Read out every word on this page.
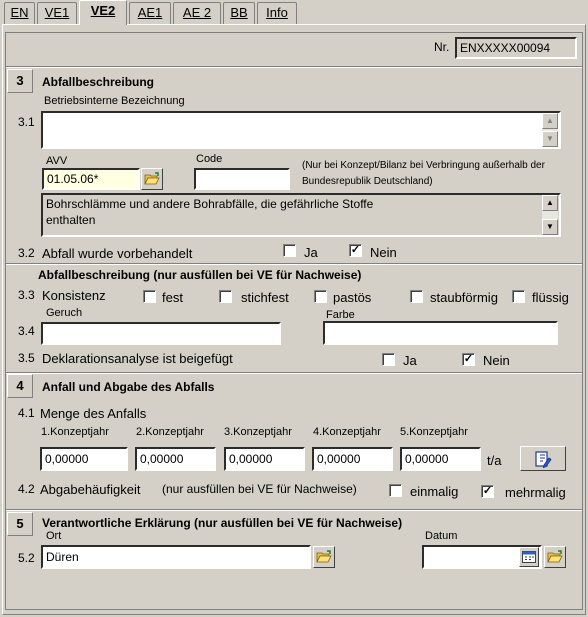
EN	VE1	VE2	AE1	AE 2	BB	Info
Nr. ENXXXXX00094
3	Abfallbeschreibung
Betriebsinterne Bezeichnung
3.1	▲
▼
AVV
01.05.06*
Code
(Nur bei Konzept/Bilanz bei Verbringung außerhalb der
Bundesrepublik Deutschland)
Bohrschlämme und andere Bohrabfälle, die gefährliche Stoffe
enthalten
▲
▼
3.2 Abfall wurde vorbehandelt	Ja	✓ Nein
Abfallbeschreibung (nur ausfüllen bei VE für Nachweise)
3.3 Konsistenz	fest	stichfest	pastös	staubförmig	flüssig
Geruch	Farbe
3.4
3.5 Deklarationsanalyse ist beigefügt	Ja	✓ Nein
4	Anfall und Abgabe des Abfalls
4.1 Menge des Anfalls
1.Konzeptjahr 2.Konzeptjahr 3.Konzeptjahr 4.Konzeptjahr 5.Konzeptjahr
0,00000	0,00000	0,00000	0,00000	0,00000	t/a
4.2 Abgabehäufigkeit (nur ausfüllen bei VE für Nachweise)	einmalig ✓ mehrmalig
5	Verantwortliche Erklärung (nur ausfüllen bei VE für Nachweise)
Ort	Datum
5.2 Düren
